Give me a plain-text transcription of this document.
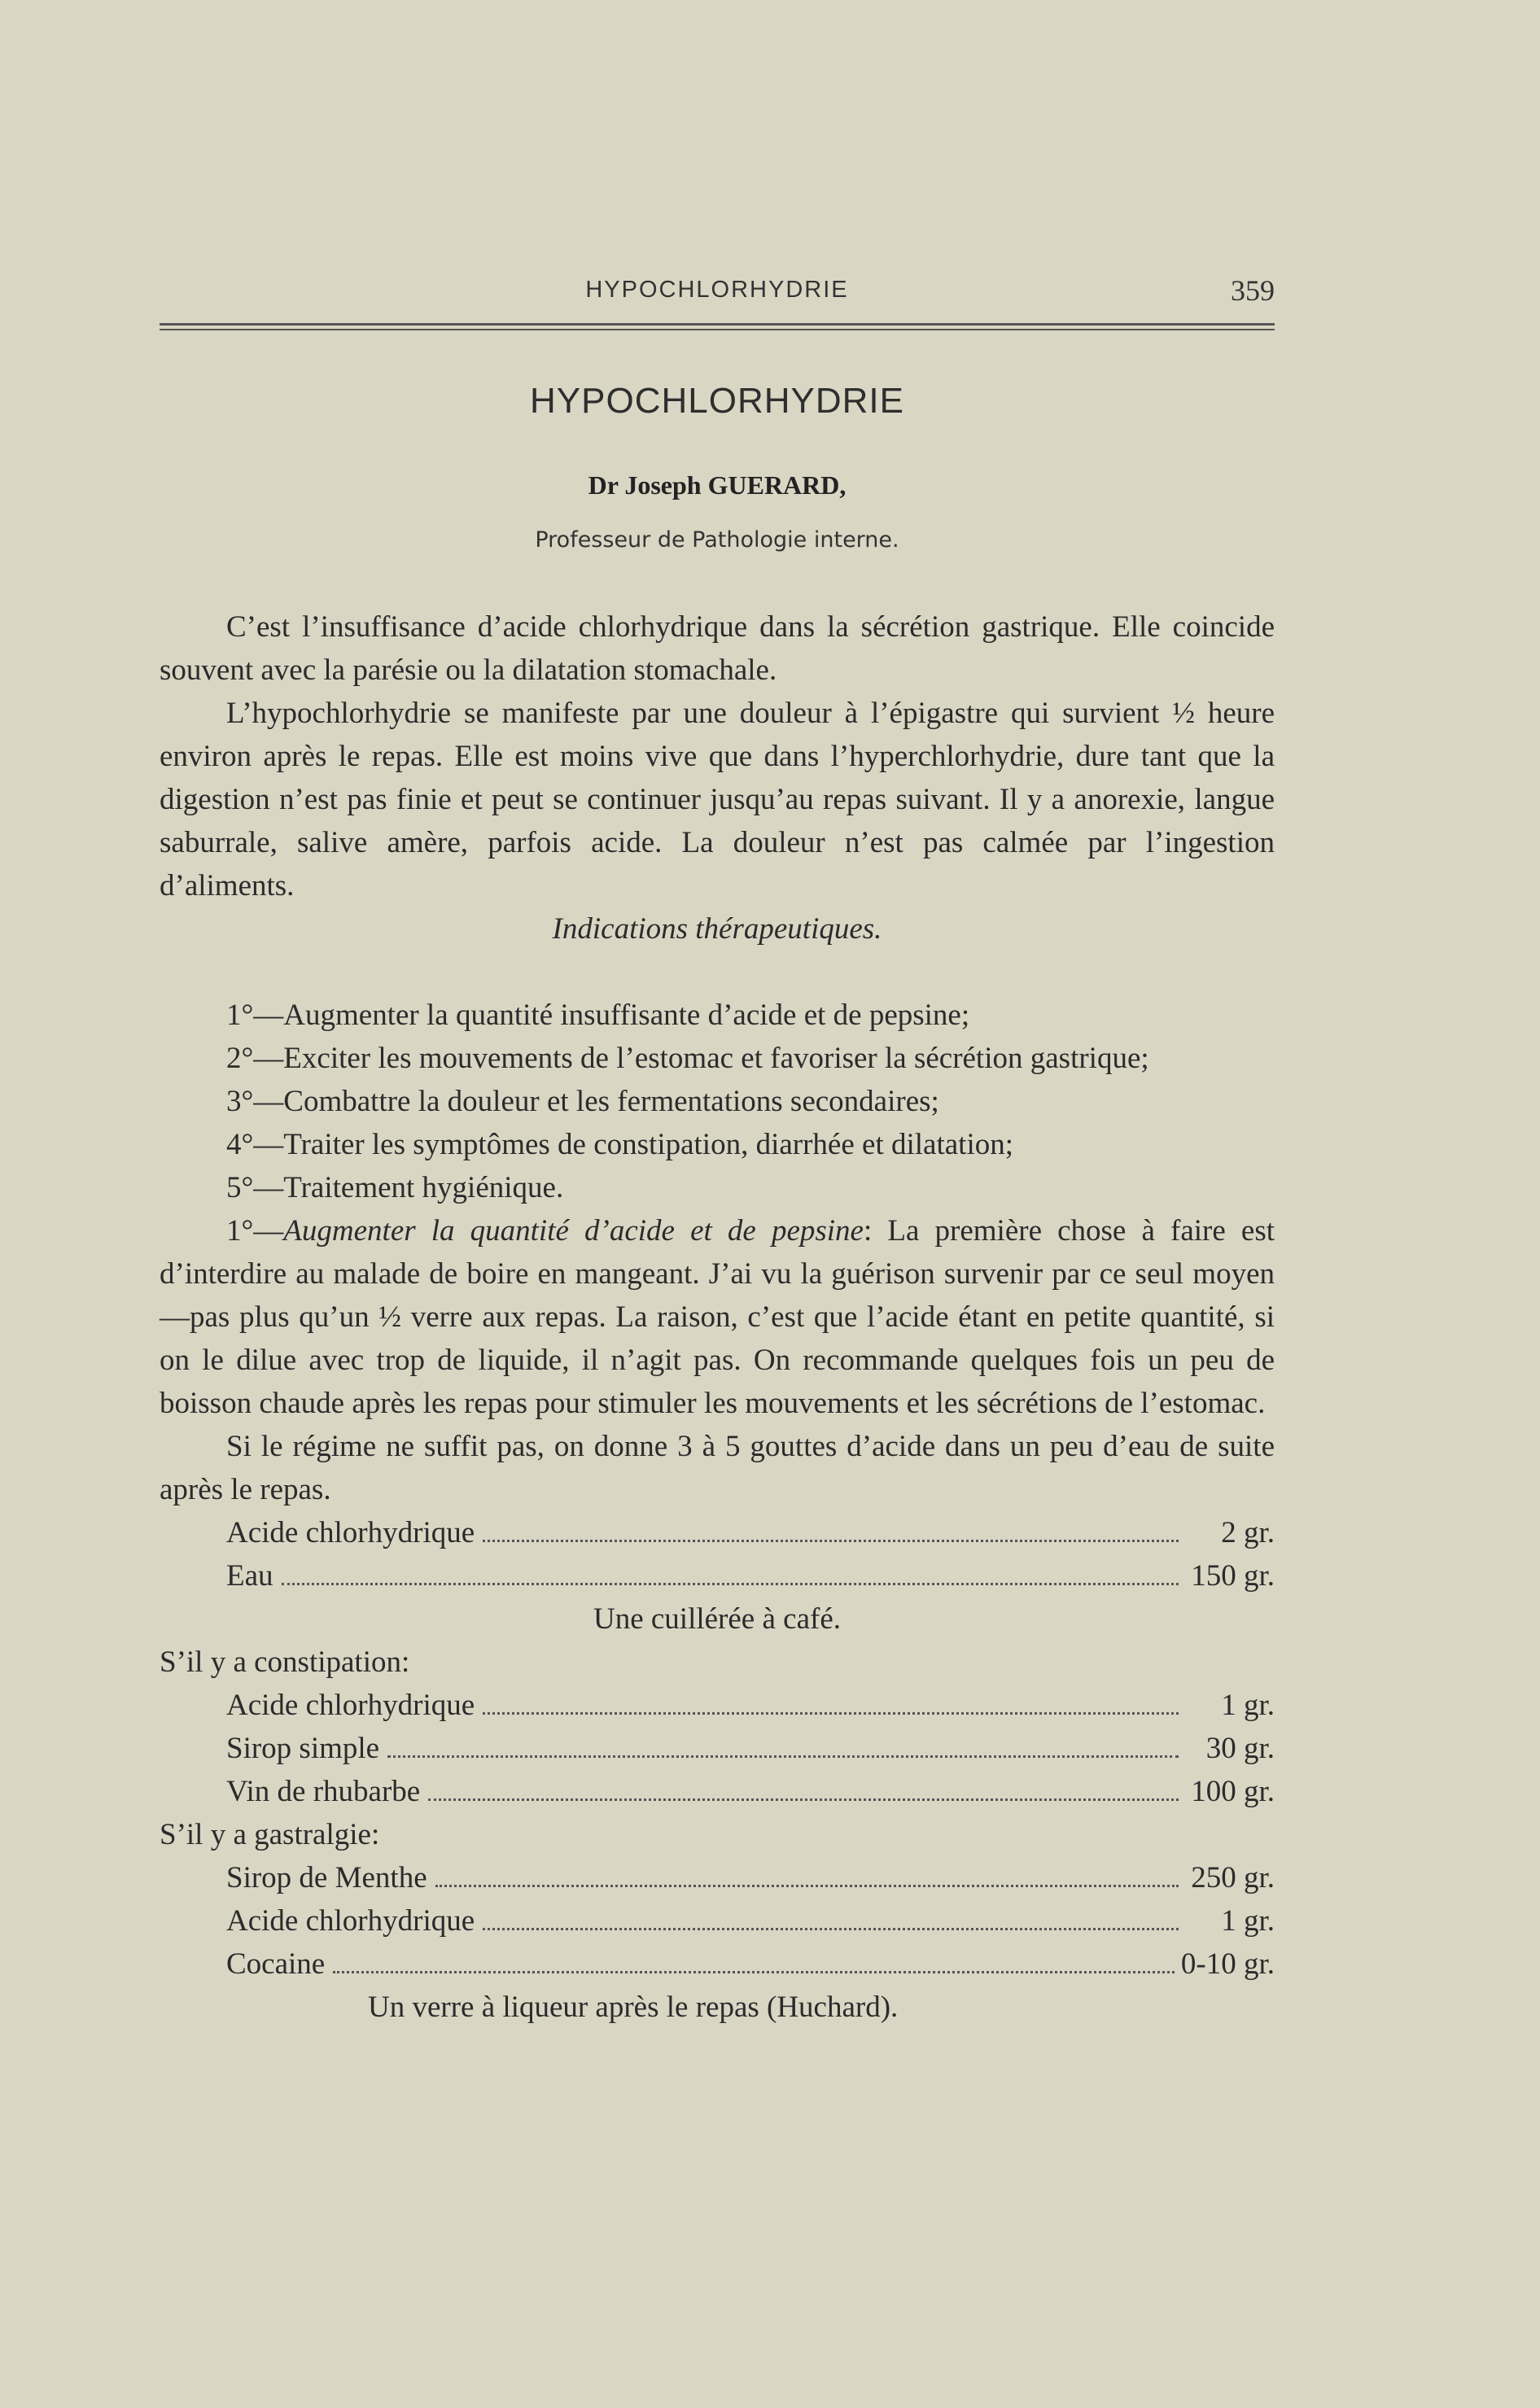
HYPOCHLORHYDRIE	359
HYPOCHLORHYDRIE
Dr Joseph GUERARD,
Professeur de Pathologie interne.

C’est l’insuffisance d’acide chlorhydrique dans la sécrétion gastrique. Elle coincide souvent avec la parésie ou la dilatation stomachale.

L’hypochlorhydrie se manifeste par une douleur à l’épigastre qui survient ½ heure environ après le repas. Elle est moins vive que dans l’hyperchlorhydrie, dure tant que la digestion n’est pas finie et peut se continuer jusqu’au repas suivant. Il y a anorexie, langue saburrale, salive amère, parfois acide. La douleur n’est pas calmée par l’ingestion d’aliments.

Indications thérapeutiques.

1°—Augmenter la quantité insuffisante d’acide et de pepsine;

2°—Exciter les mouvements de l’estomac et favoriser la sécrétion gastrique;

3°—Combattre la douleur et les fermentations secondaires;

4°—Traiter les symptômes de constipation, diarrhée et dilatation;

5°—Traitement hygiénique.

1°—Augmenter la quantité d’acide et de pepsine: La première chose à faire est d’interdire au malade de boire en mangeant. J’ai vu la guérison survenir par ce seul moyen—pas plus qu’un ½ verre aux repas. La raison, c’est que l’acide étant en petite quantité, si on le dilue avec trop de liquide, il n’agit pas. On recommande quelques fois un peu de boisson chaude après les repas pour stimuler les mouvements et les sécrétions de l’estomac.

Si le régime ne suffit pas, on donne 3 à 5 gouttes d’acide dans un peu d’eau de suite après le repas.

Acide chlorhydrique	2 gr.
Eau	150 gr.

Une cuillérée à café.

S’il y a constipation:

Acide chlorhydrique	1 gr.
Sirop simple	30 gr.
Vin de rhubarbe	100 gr.

S’il y a gastralgie:

Sirop de Menthe	250 gr.
Acide chlorhydrique	1 gr.
Cocaine	0-10 gr.

Un verre à liqueur après le repas (Huchard).
